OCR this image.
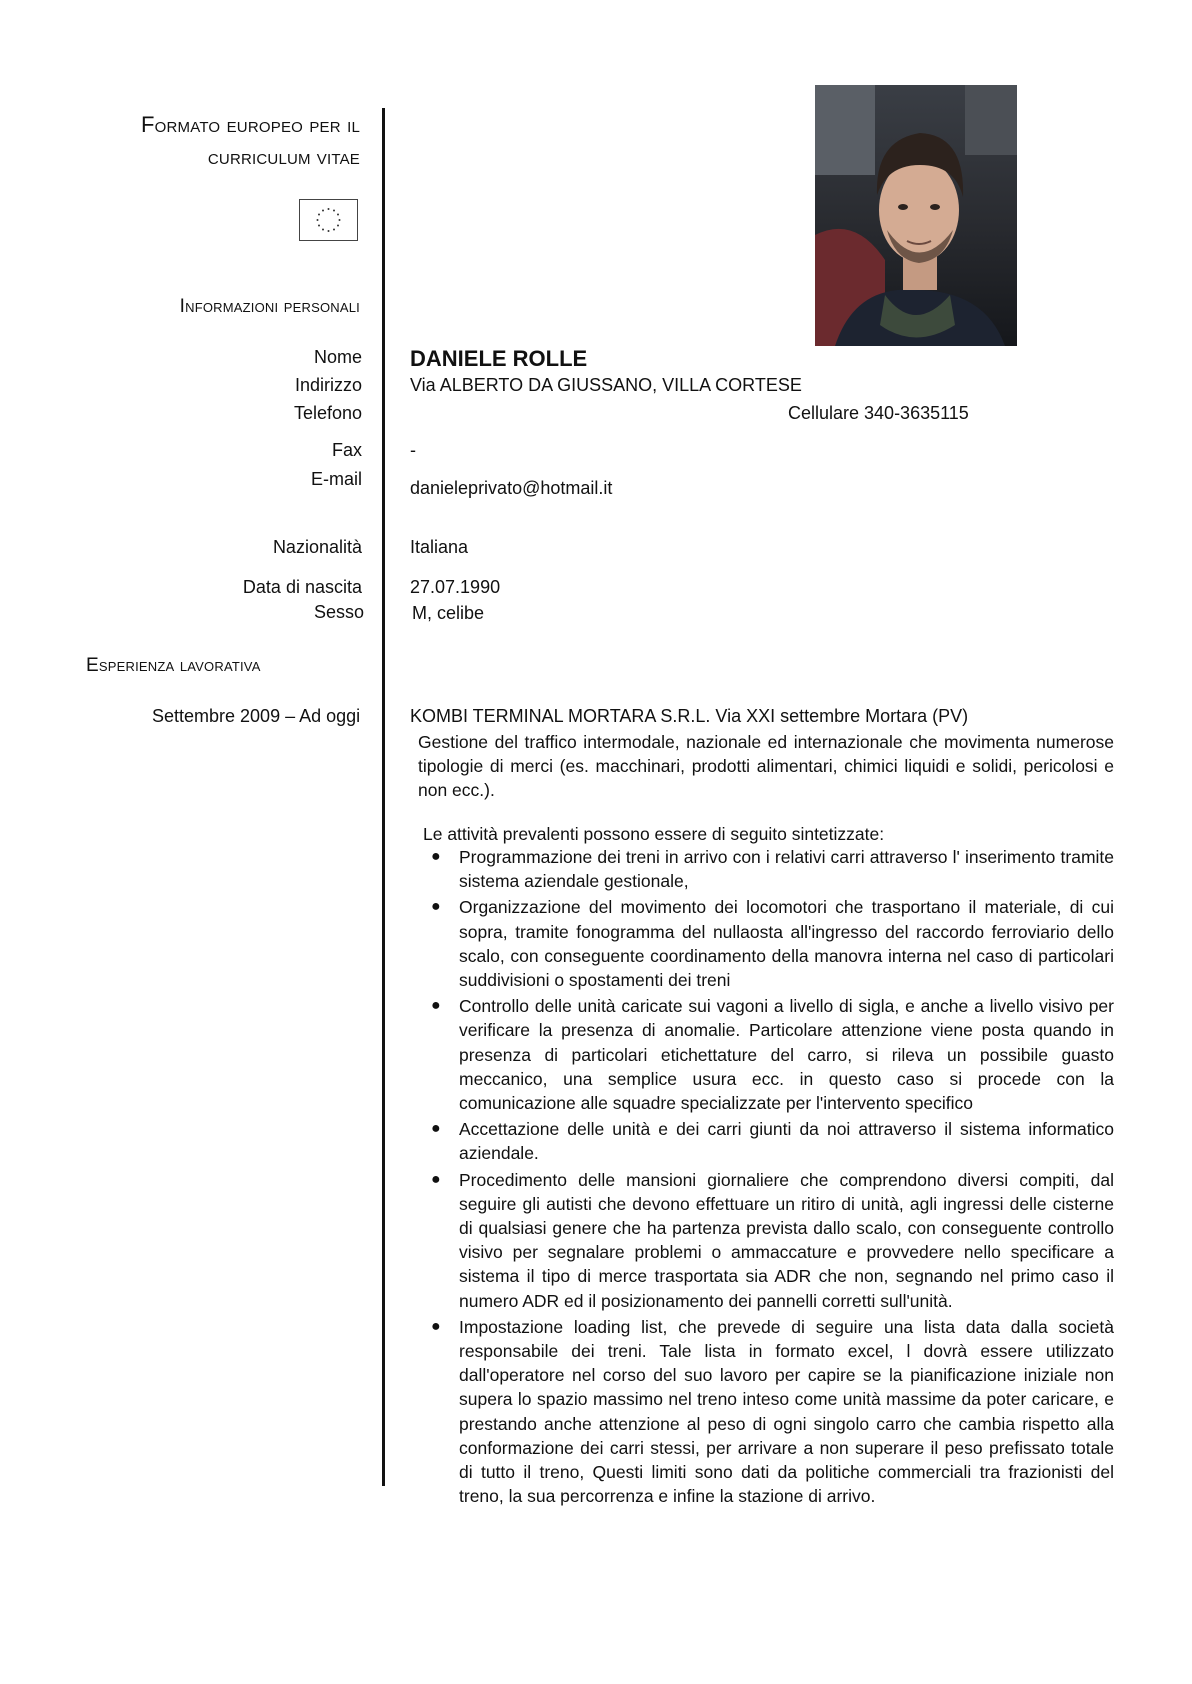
Formato europeo per il
curriculum vitae
Informazioni personali
Nome
Indirizzo
Telefono
Fax
E-mail
Nazionalità
Data di nascita
Sesso
DANIELE ROLLE
Via ALBERTO DA GIUSSANO, VILLA CORTESE
Cellulare 340-3635115
-
danieleprivato@hotmail.it
Italiana
27.07.1990
M, celibe
Esperienza lavorativa
Settembre 2009 – Ad oggi	KOMBI TERMINAL MORTARA S.R.L. Via XXI settembre Mortara (PV)
Gestione del traffico intermodale, nazionale ed internazionale che movimenta numerose tipologie di merci (es. macchinari, prodotti alimentari, chimici liquidi e solidi, pericolosi e non ecc.).
Le attività prevalenti possono essere di seguito sintetizzate:
● Programmazione dei treni in arrivo con i relativi carri attraverso l' inserimento tramite sistema aziendale gestionale,
● Organizzazione del movimento dei locomotori che trasportano il materiale, di cui sopra, tramite fonogramma del nullaosta all'ingresso del raccordo ferroviario dello scalo, con conseguente coordinamento della manovra interna nel caso di particolari suddivisioni o spostamenti dei treni
● Controllo delle unità caricate sui vagoni a livello di sigla, e anche a livello visivo per verificare la presenza di anomalie. Particolare attenzione viene posta quando in presenza di particolari etichettature del carro, si rileva un possibile guasto meccanico, una semplice usura ecc. in questo caso si procede con la comunicazione alle squadre specializzate per l'intervento specifico
● Accettazione delle unità e dei carri giunti da noi attraverso il sistema informatico aziendale.
● Procedimento delle mansioni giornaliere che comprendono diversi compiti, dal seguire gli autisti che devono effettuare un ritiro di unità, agli ingressi delle cisterne di qualsiasi genere che ha partenza prevista dallo scalo, con conseguente controllo visivo per segnalare problemi o ammaccature e provvedere nello specificare a sistema il tipo di merce trasportata sia ADR che non, segnando nel primo caso il numero ADR ed il posizionamento dei pannelli corretti sull'unità.
● Impostazione loading list, che prevede di seguire una lista data dalla società responsabile dei treni. Tale lista in formato excel, l dovrà essere utilizzato dall'operatore nel corso del suo lavoro per capire se la pianificazione iniziale non supera lo spazio massimo nel treno inteso come unità massime da poter caricare, e prestando anche attenzione al peso di ogni singolo carro che cambia rispetto alla conformazione dei carri stessi, per arrivare a non superare il peso prefissato totale di tutto il treno, Questi limiti sono dati da politiche commerciali tra frazionisti del treno, la sua percorrenza e infine la stazione di arrivo.
